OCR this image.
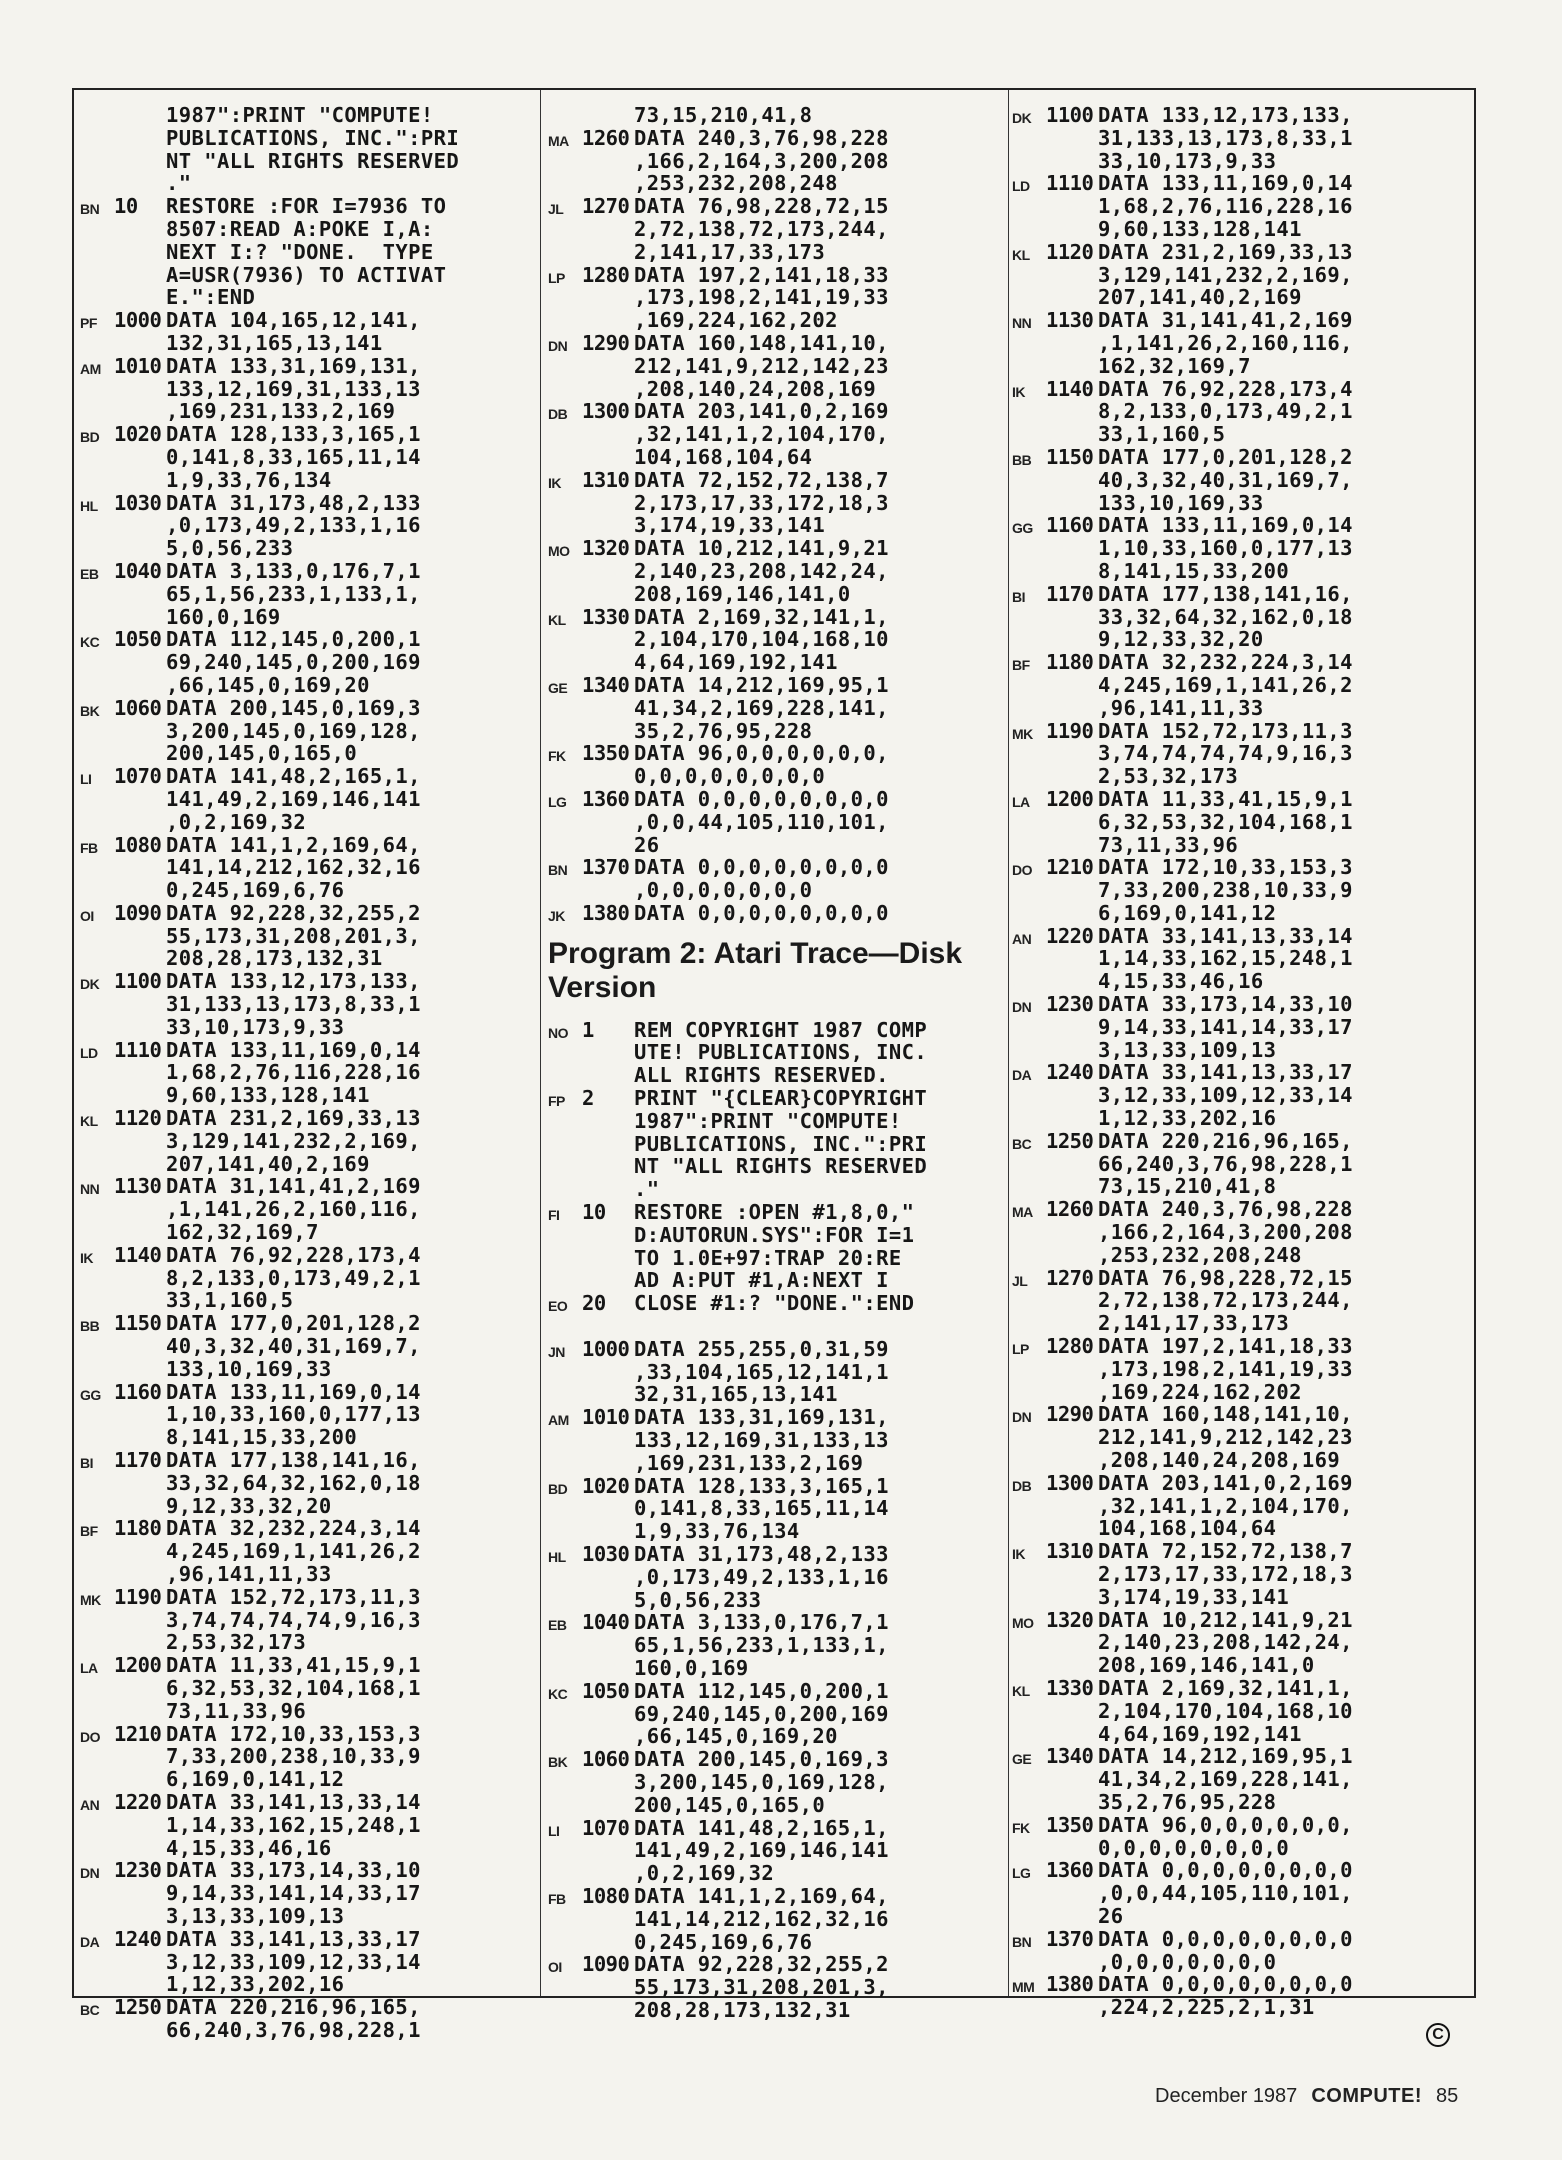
1987":PRINT "COMPUTE!
PUBLICATIONS, INC.":PRI
NT "ALL RIGHTS RESERVED
."
BN 10	RESTORE :FOR I=7936 TO
8507:READ A:POKE I,A:
NEXT I:? "DONE.  TYPE
A=USR(7936) TO ACTIVAT
E.":END
PF 1000 DATA 104,165,12,141,
132,31,165,13,141
AM 1010 DATA 133,31,169,131,
133,12,169,31,133,13
,169,231,133,2,169
BD 1020 DATA 128,133,3,165,1
0,141,8,33,165,11,14
1,9,33,76,134
HL 1030 DATA 31,173,48,2,133
,0,173,49,2,133,1,16
5,0,56,233
EB 1040 DATA 3,133,0,176,7,1
65,1,56,233,1,133,1,
160,0,169
KC 1050 DATA 112,145,0,200,1
69,240,145,0,200,169
,66,145,0,169,20
BK 1060 DATA 200,145,0,169,3
3,200,145,0,169,128,
200,145,0,165,0
LI	1070 DATA 141,48,2,165,1,
141,49,2,169,146,141
,0,2,169,32
FB 1080 DATA 141,1,2,169,64,
141,14,212,162,32,16
0,245,169,6,76
OI 1090 DATA 92,228,32,255,2
55,173,31,208,201,3,
208,28,173,132,31
DK 1100 DATA 133,12,173,133,
31,133,13,173,8,33,1
33,10,173,9,33
LD 1110 DATA 133,11,169,0,14
1,68,2,76,116,228,16
9,60,133,128,141
KL 1120 DATA 231,2,169,33,13
3,129,141,232,2,169,
207,141,40,2,169
NN 1130 DATA 31,141,41,2,169
,1,141,26,2,160,116,
162,32,169,7
IK	1140 DATA 76,92,228,173,4
8,2,133,0,173,49,2,1
33,1,160,5
BB 1150 DATA 177,0,201,128,2
40,3,32,40,31,169,7,
133,10,169,33
GG 1160 DATA 133,11,169,0,14
1,10,33,160,0,177,13
8,141,15,33,200
BI	1170 DATA 177,138,141,16,
33,32,64,32,162,0,18
9,12,33,32,20
BF 1180 DATA 32,232,224,3,14
4,245,169,1,141,26,2
,96,141,11,33
MK 1190 DATA 152,72,173,11,3
3,74,74,74,74,9,16,3
2,53,32,173
LA 1200 DATA 11,33,41,15,9,1
6,32,53,32,104,168,1
73,11,33,96
DO 1210 DATA 172,10,33,153,3
7,33,200,238,10,33,9
6,169,0,141,12
AN 1220 DATA 33,141,13,33,14
1,14,33,162,15,248,1
4,15,33,46,16
DN 1230 DATA 33,173,14,33,10
9,14,33,141,14,33,17
3,13,33,109,13
DA 1240 DATA 33,141,13,33,17
3,12,33,109,12,33,14
1,12,33,202,16
BC 1250 DATA 220,216,96,165,
66,240,3,76,98,228,1
73,15,210,41,8
MA 1260 DATA 240,3,76,98,228
,166,2,164,3,200,208
,253,232,208,248
JL 1270 DATA 76,98,228,72,15
2,72,138,72,173,244,
2,141,17,33,173
LP 1280 DATA 197,2,141,18,33
,173,198,2,141,19,33
,169,224,162,202
DN 1290 DATA 160,148,141,10,
212,141,9,212,142,23
,208,140,24,208,169
DB 1300 DATA 203,141,0,2,169
,32,141,1,2,104,170,
104,168,104,64
IK	1310 DATA 72,152,72,138,7
2,173,17,33,172,18,3
3,174,19,33,141
MO 1320 DATA 10,212,141,9,21
2,140,23,208,142,24,
208,169,146,141,0
KL 1330 DATA 2,169,32,141,1,
2,104,170,104,168,10
4,64,169,192,141
GE 1340 DATA 14,212,169,95,1
41,34,2,169,228,141,
35,2,76,95,228
FK 1350 DATA 96,0,0,0,0,0,0,
0,0,0,0,0,0,0,0
LG 1360 DATA 0,0,0,0,0,0,0,0
,0,0,44,105,110,101,
26
BN 1370 DATA 0,0,0,0,0,0,0,0
,0,0,0,0,0,0,0
JK 1380 DATA 0,0,0,0,0,0,0,0
Program 2: Atari Trace—Disk
Version
NO 1	REM COPYRIGHT 1987 COMP
UTE! PUBLICATIONS, INC.
ALL RIGHTS RESERVED.
FP 2	PRINT "{CLEAR}COPYRIGHT
1987":PRINT "COMPUTE!
PUBLICATIONS, INC.":PRI
NT "ALL RIGHTS RESERVED
."
FI	10	RESTORE :OPEN #1,8,0,"
D:AUTORUN.SYS":FOR I=1
TO 1.0E+97:TRAP 20:RE
AD A:PUT #1,A:NEXT I
EO 20	CLOSE #1:? "DONE.":END
JN 1000 DATA 255,255,0,31,59
,33,104,165,12,141,1
32,31,165,13,141
AM 1010 DATA 133,31,169,131,
133,12,169,31,133,13
,169,231,133,2,169
BD 1020 DATA 128,133,3,165,1
0,141,8,33,165,11,14
1,9,33,76,134
HL 1030 DATA 31,173,48,2,133
,0,173,49,2,133,1,16
5,0,56,233
EB 1040 DATA 3,133,0,176,7,1
65,1,56,233,1,133,1,
160,0,169
KC 1050 DATA 112,145,0,200,1
69,240,145,0,200,169
,66,145,0,169,20
BK 1060 DATA 200,145,0,169,3
3,200,145,0,169,128,
200,145,0,165,0
LI	1070 DATA 141,48,2,165,1,
141,49,2,169,146,141
,0,2,169,32
FB 1080 DATA 141,1,2,169,64,
141,14,212,162,32,16
0,245,169,6,76
OI 1090 DATA 92,228,32,255,2
55,173,31,208,201,3,
208,28,173,132,31
DK 1100 DATA 133,12,173,133,
31,133,13,173,8,33,1
33,10,173,9,33
LD 1110 DATA 133,11,169,0,14
1,68,2,76,116,228,16
9,60,133,128,141
KL 1120 DATA 231,2,169,33,13
3,129,141,232,2,169,
207,141,40,2,169
NN 1130 DATA 31,141,41,2,169
,1,141,26,2,160,116,
162,32,169,7
IK	1140 DATA 76,92,228,173,4
8,2,133,0,173,49,2,1
33,1,160,5
BB 1150 DATA 177,0,201,128,2
40,3,32,40,31,169,7,
133,10,169,33
GG 1160 DATA 133,11,169,0,14
1,10,33,160,0,177,13
8,141,15,33,200
BI	1170 DATA 177,138,141,16,
33,32,64,32,162,0,18
9,12,33,32,20
BF 1180 DATA 32,232,224,3,14
4,245,169,1,141,26,2
,96,141,11,33
MK 1190 DATA 152,72,173,11,3
3,74,74,74,74,9,16,3
2,53,32,173
LA 1200 DATA 11,33,41,15,9,1
6,32,53,32,104,168,1
73,11,33,96
DO 1210 DATA 172,10,33,153,3
7,33,200,238,10,33,9
6,169,0,141,12
AN 1220 DATA 33,141,13,33,14
1,14,33,162,15,248,1
4,15,33,46,16
DN 1230 DATA 33,173,14,33,10
9,14,33,141,14,33,17
3,13,33,109,13
DA 1240 DATA 33,141,13,33,17
3,12,33,109,12,33,14
1,12,33,202,16
BC 1250 DATA 220,216,96,165,
66,240,3,76,98,228,1
73,15,210,41,8
MA 1260 DATA 240,3,76,98,228
,166,2,164,3,200,208
,253,232,208,248
JL 1270 DATA 76,98,228,72,15
2,72,138,72,173,244,
2,141,17,33,173
LP 1280 DATA 197,2,141,18,33
,173,198,2,141,19,33
,169,224,162,202
DN 1290 DATA 160,148,141,10,
212,141,9,212,142,23
,208,140,24,208,169
DB 1300 DATA 203,141,0,2,169
,32,141,1,2,104,170,
104,168,104,64
IK	1310 DATA 72,152,72,138,7
2,173,17,33,172,18,3
3,174,19,33,141
MO 1320 DATA 10,212,141,9,21
2,140,23,208,142,24,
208,169,146,141,0
KL 1330 DATA 2,169,32,141,1,
2,104,170,104,168,10
4,64,169,192,141
GE 1340 DATA 14,212,169,95,1
41,34,2,169,228,141,
35,2,76,95,228
FK 1350 DATA 96,0,0,0,0,0,0,
0,0,0,0,0,0,0,0
LG 1360 DATA 0,0,0,0,0,0,0,0
,0,0,44,105,110,101,
26
BN 1370 DATA 0,0,0,0,0,0,0,0
,0,0,0,0,0,0,0
MM 1380 DATA 0,0,0,0,0,0,0,0
,224,2,225,2,1,31
C
December 1987 COMPUTE! 85
